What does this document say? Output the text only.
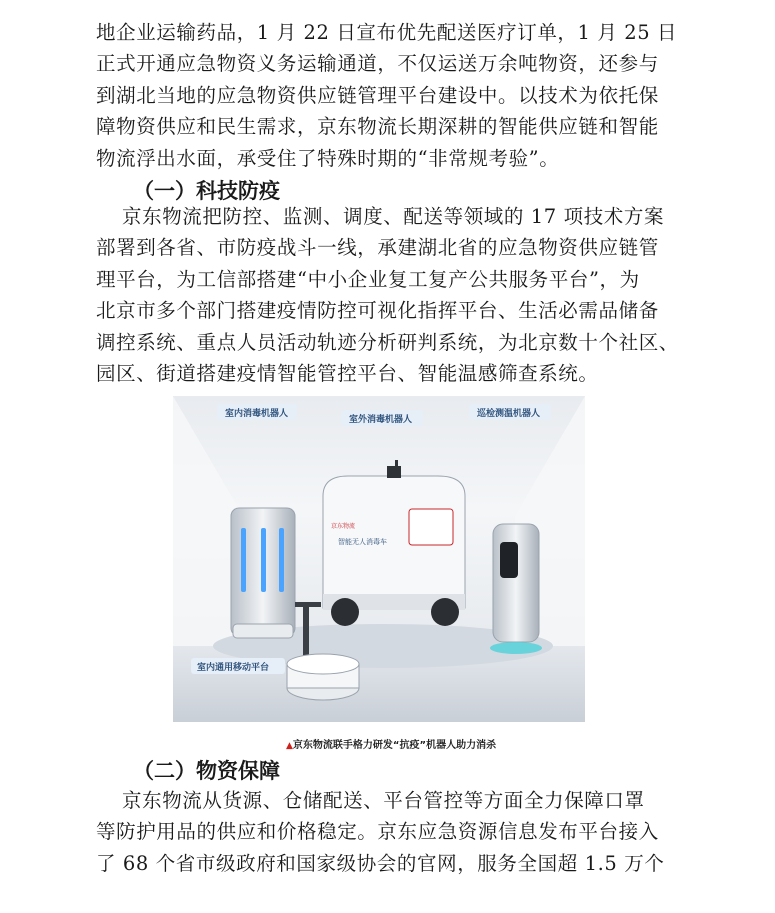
地企业运输药品，1 月 22 日宣布优先配送医疗订单，1 月 25 日
正式开通应急物资义务运输通道，不仅运送万余吨物资，还参与
到湖北当地的应急物资供应链管理平台建设中。以技术为依托保
障物资供应和民生需求，京东物流长期深耕的智能供应链和智能
物流浮出水面，承受住了特殊时期的“非常规考验”。
（一）科技防疫
京东物流把防控、监测、调度、配送等领域的 17 项技术方案
部署到各省、市防疫战斗一线，承建湖北省的应急物资供应链管
理平台，为工信部搭建“中小企业复工复产公共服务平台”，为
北京市多个部门搭建疫情防控可视化指挥平台、生活必需品储备
调控系统、重点人员活动轨迹分析研判系统，为北京数十个社区、
园区、街道搭建疫情智能管控平台、智能温感筛查系统。
京东物流
智能无人消毒车
室内消毒机器人
室外消毒机器人
巡检测温机器人
室内通用移动平台
▲京东物流联手格力研发“抗疫”机器人助力消杀
（二）物资保障
京东物流从货源、仓储配送、平台管控等方面全力保障口罩
等防护用品的供应和价格稳定。京东应急资源信息发布平台接入
了 68 个省市级政府和国家级协会的官网，服务全国超 1.5 万个
